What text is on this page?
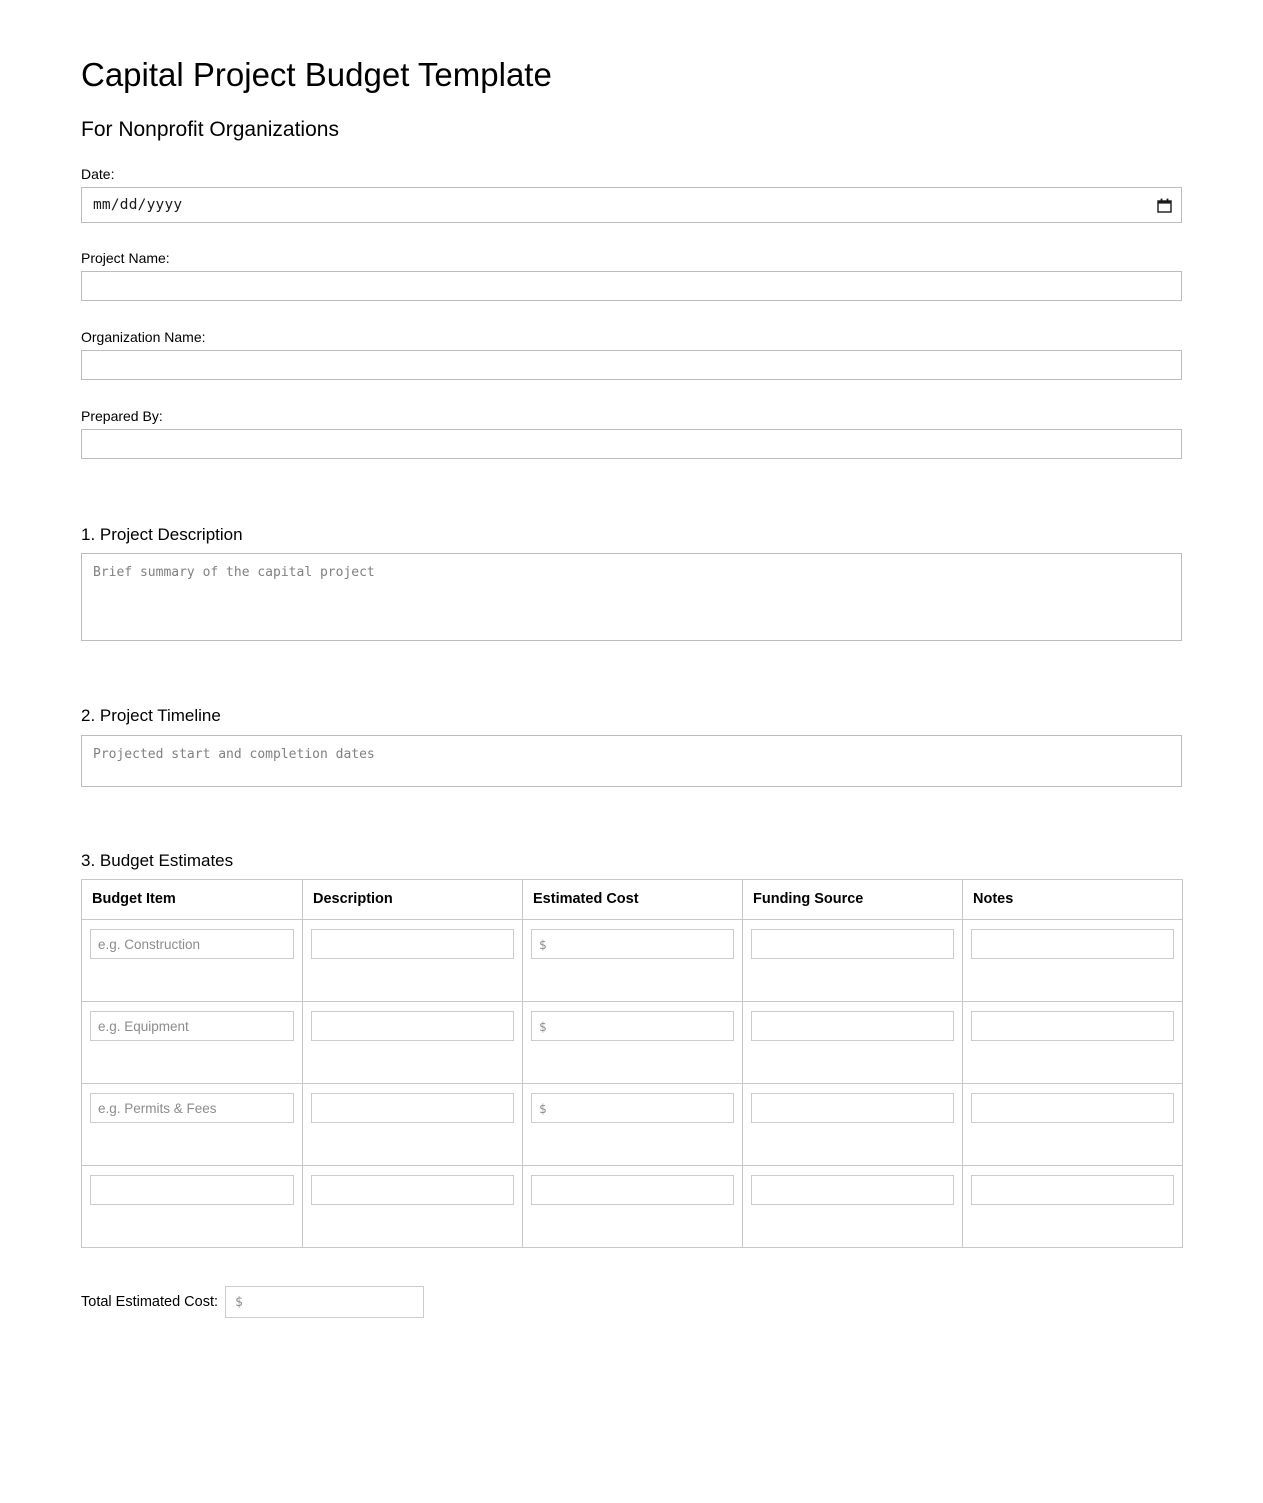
Capital Project Budget Template
For Nonprofit Organizations
Date:
mm/dd/yyyy
Project Name:
Organization Name:
Prepared By:
1. Project Description
Brief summary of the capital project
2. Project Timeline
Projected start and completion dates
3. Budget Estimates
Budget Item	Description	Estimated Cost	Funding Source	Notes
e.g. Construction		$		
e.g. Equipment		$		
e.g. Permits & Fees		$		

Total Estimated Cost:
$
